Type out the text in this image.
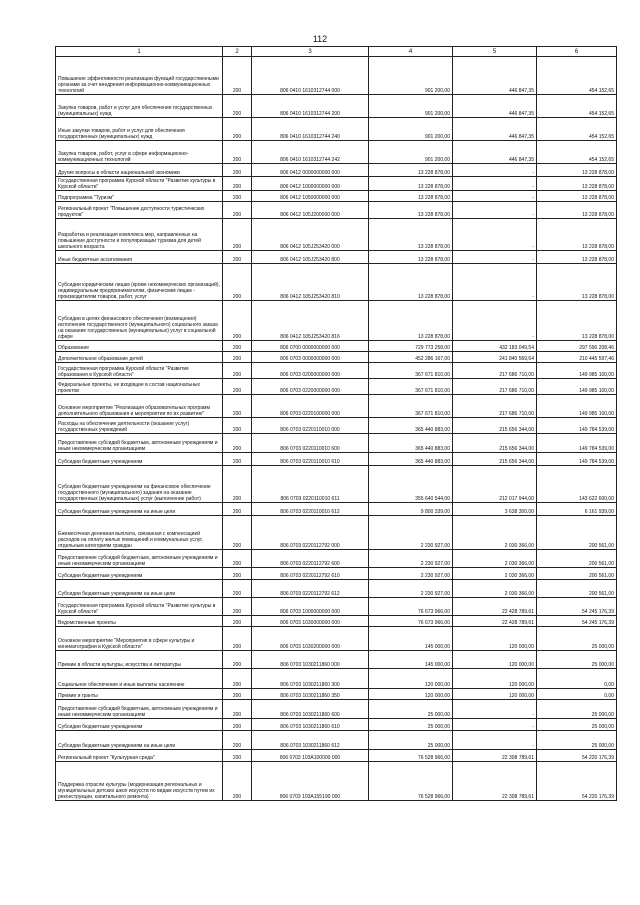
112
1	2	3	4	5	6
Повышение эффективности реализации функций государственными органами за счет внедрения информационно-коммуникационных технологий	200	806 0410 1610312744 000	901 200,00	446 847,35	454 152,65
Закупка товаров, работ и услуг для обеспечения государственных (муниципальных) нужд	200	806 0410 1610312744 200	901 200,00	446 847,35	454 152,65
Иные закупки товаров, работ и услуг для обеспечения государственных (муниципальных) нужд	200	806 0410 1610312744 240	901 200,00	446 847,35	454 152,65
Закупка товаров, работ, услуг в сфере информационно-коммуникационных технологий	200	806 0410 1610312744 242	901 200,00	446 847,35	454 152,65
Другие вопросы в области национальной экономики	200	806 0412 0000000000 000	13 228 878,00	-	13 228 878,00
Государственная программа Курской области "Развитие культуры в Курской области"	200	806 0412 1000000000 000	13 228 878,00	-	13 228 878,00
Подпрограмма "Туризм"	200	806 0412 1050000000 000	13 228 878,00	-	13 228 878,00
Региональный проект "Повышение доступности туристических продуктов"	200	806 0412 105J200000 000	13 228 878,00	-	13 228 878,00
Разработка и реализация комплекса мер, направленных на повышение доступности и популяризации туризма для детей школьного возраста	200	806 0412 105J253420 000	13 228 878,00	-	13 228 878,00
Иные бюджетные ассигнования	200	806 0412 105J253420 800	13 228 878,00	-	13 228 878,00
Субсидии юридическим лицам (кроме некоммерческих организаций), индивидуальным предпринимателям, физическим лицам - производителям товаров, работ, услуг	200	806 0412 105J253420 810	13 228 878,00	-	13 228 878,00
Субсидии в целях финансового обеспечения (возмещения) исполнения государственного (муниципального) социального заказа на оказание государственных (муниципальных) услуг в социальной сфере	200	806 0412 105J253420 816	13 228 878,00	-	13 228 878,00
Образование	200	806 0700 0000000000 000	729 773 258,00	432 183 049,54	297 590 208,46
Дополнительное образование детей	200	806 0703 0000000000 000	452 286 167,00	241 840 569,64	210 445 597,46
Государственная программа Курской области "Развитие образования в Курской области"	200	806 0703 0200000000 000	367 671 810,00	217 686 710,00	149 985 100,00
Федеральные проекты, не входящие в состав национальных проектов	200	806 0703 0220000000 000	367 671 810,00	217 686 710,00	149 985 100,00
Основное мероприятие "Реализация образовательных программ дополнительного образования и мероприятия по их развитию"	200	806 0703 0220100000 000	367 671 810,00	217 686 710,00	149 985 100,00
Расходы на обеспечение деятельности (оказание услуг) государственных учреждений	200	806 0703 0220110010 000	365 440 883,00	215 656 344,00	149 784 539,00
Предоставление субсидий бюджетным, автономным учреждениям и иным некоммерческим организациям	200	806 0703 0220110010 600	365 440 883,00	215 656 344,00	149 784 539,00
Субсидии бюджетным учреждениям	200	806 0703 0220110010 610	365 440 883,00	215 656 344,00	149 784 539,00
Субсидии бюджетным учреждениям на финансовое обеспечение государственного (муниципального) задания на оказание государственных (муниципальных) услуг (выполнение работ)	200	806 0703 0220110010 611	355 640 544,00	212 017 944,00	143 622 600,00
Субсидии бюджетным учреждениям на иные цели	200	806 0703 0220110010 612	9 800 339,00	3 638 300,00	6 161 939,00
Ежемесячная денежная выплата, связанная с компенсацией расходов на оплату жилых помещений и коммунальных услуг, отдельным категориям граждан	200	806 0703 0220112792 000	2 230 927,00	2 030 366,00	200 561,00
Предоставление субсидий бюджетным, автономным учреждениям и иным некоммерческим организациям	200	806 0703 0220112792 600	2 230 927,00	2 030 366,00	200 561,00
Субсидии бюджетным учреждениям	200	806 0703 0220112792 610	2 230 927,00	2 030 366,00	200 561,00
Субсидии бюджетным учреждениям на иные цели	200	806 0703 0220112792 612	2 230 927,00	2 030 366,00	200 561,00
Государственная программа Курской области "Развитие культуры в Курской области"	200	806 0703 1000000000 000	76 673 966,00	22 428 789,61	54 245 176,39
Ведомственные проекты	200	806 0703 1030000000 000	76 673 966,00	22 428 789,61	54 245 176,39
Основное мероприятие "Мероприятия в сфере культуры и кинематографии в Курской области"	200	806 0703 1030200000 000	145 000,00	120 000,00	25 000,00
Премии в области культуры, искусства и литературы	200	806 0703 1030211860 000	145 000,00	120 000,00	25 000,00
Социальное обеспечение и иные выплаты населению	200	806 0703 1030211860 300	120 000,00	120 000,00	0,00
Премии и гранты	200	806 0703 1030211860 350	120 000,00	120 000,00	0,00
Предоставление субсидий бюджетным, автономным учреждениям и иным некоммерческим организациям	200	806 0703 1030211860 600	25 000,00	-	25 000,00
Субсидии бюджетным учреждениям	200	806 0703 1030211860 610	25 000,00	-	25 000,00
Субсидии бюджетным учреждениям на иные цели	200	806 0703 1030211860 612	25 000,00	-	25 000,00
Региональный проект "Культурная среда"	200	806 0703 103A100000 000	76 528 966,00	22 308 789,61	54 220 176,39
Поддержка отрасли культуры (модернизация региональных и муниципальных детских школ искусств по видам искусств путем их реконструкции, капитального ремонта)	200	806 0703 103A155190 000	76 528 966,00	22 308 789,61	54 220 176,39
